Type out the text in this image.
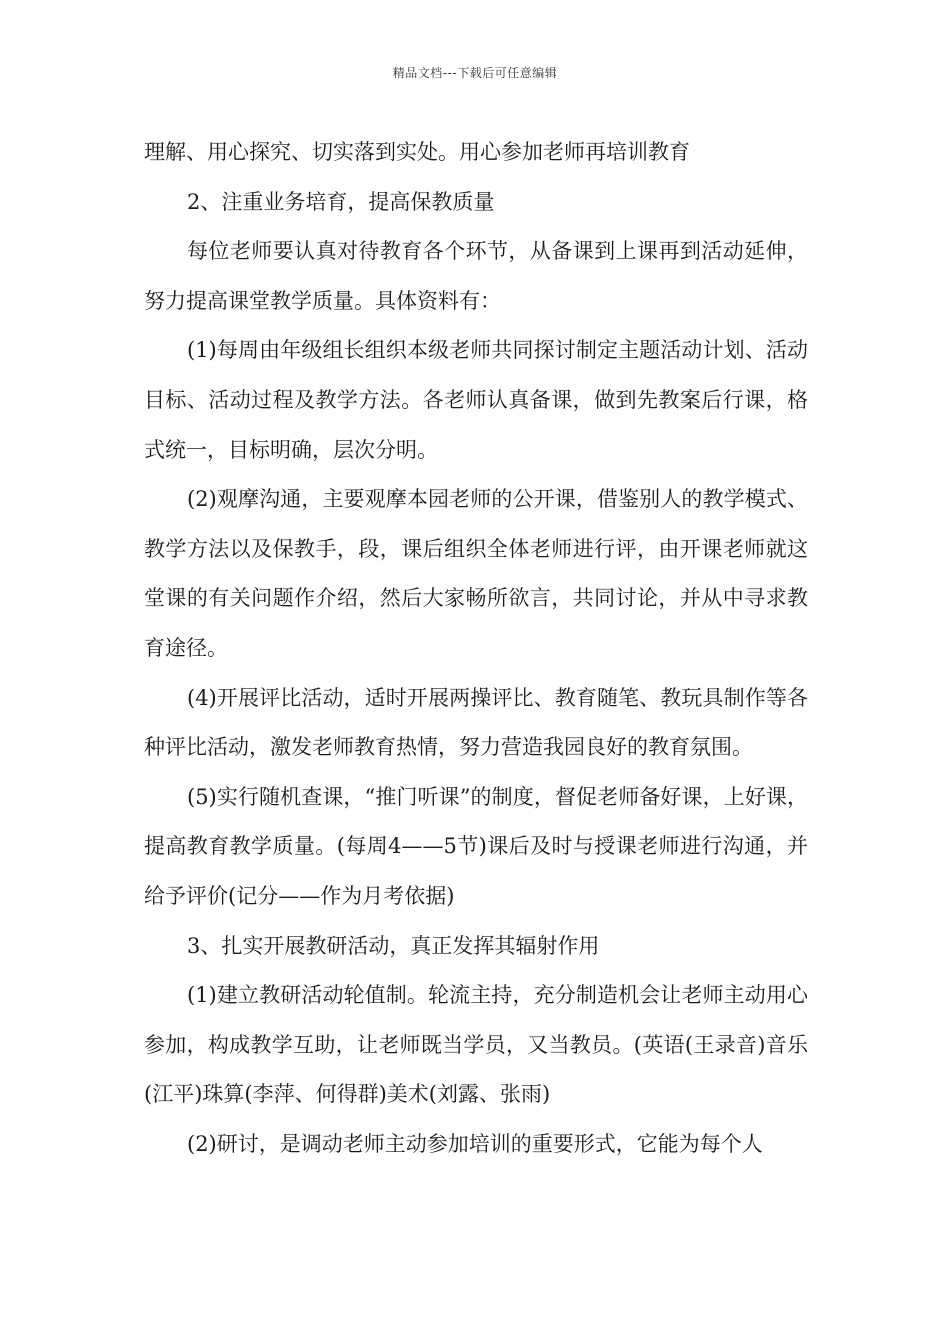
精品文档---下载后可任意编辑

理解、用心探究、切实落到实处。用心参加老师再培训教育

2、注重业务培育，提高保教质量

每位老师要认真对待教育各个环节，从备课到上课再到活动延伸，努力提高课堂教学质量。具体资料有：

(1)每周由年级组长组织本级老师共同探讨制定主题活动计划、活动目标、活动过程及教学方法。各老师认真备课，做到先教案后行课，格式统一，目标明确，层次分明。

(2)观摩沟通，主要观摩本园老师的公开课，借鉴别人的教学模式、教学方法以及保教手，段，课后组织全体老师进行评，由开课老师就这堂课的有关问题作介绍，然后大家畅所欲言，共同讨论，并从中寻求教育途径。

(4)开展评比活动，适时开展两操评比、教育随笔、教玩具制作等各种评比活动，激发老师教育热情，努力营造我园良好的教育氛围。

(5)实行随机查课，“推门听课”的制度，督促老师备好课，上好课，提高教育教学质量。(每周4——5节)课后及时与授课老师进行沟通，并给予评价(记分——作为月考依据)

3、扎实开展教研活动，真正发挥其辐射作用

(1)建立教研活动轮值制。轮流主持，充分制造机会让老师主动用心参加，构成教学互助，让老师既当学员，又当教员。(英语(王录音)音乐(江平)珠算(李萍、何得群)美术(刘露、张雨)

(2)研讨，是调动老师主动参加培训的重要形式，它能为每个人
